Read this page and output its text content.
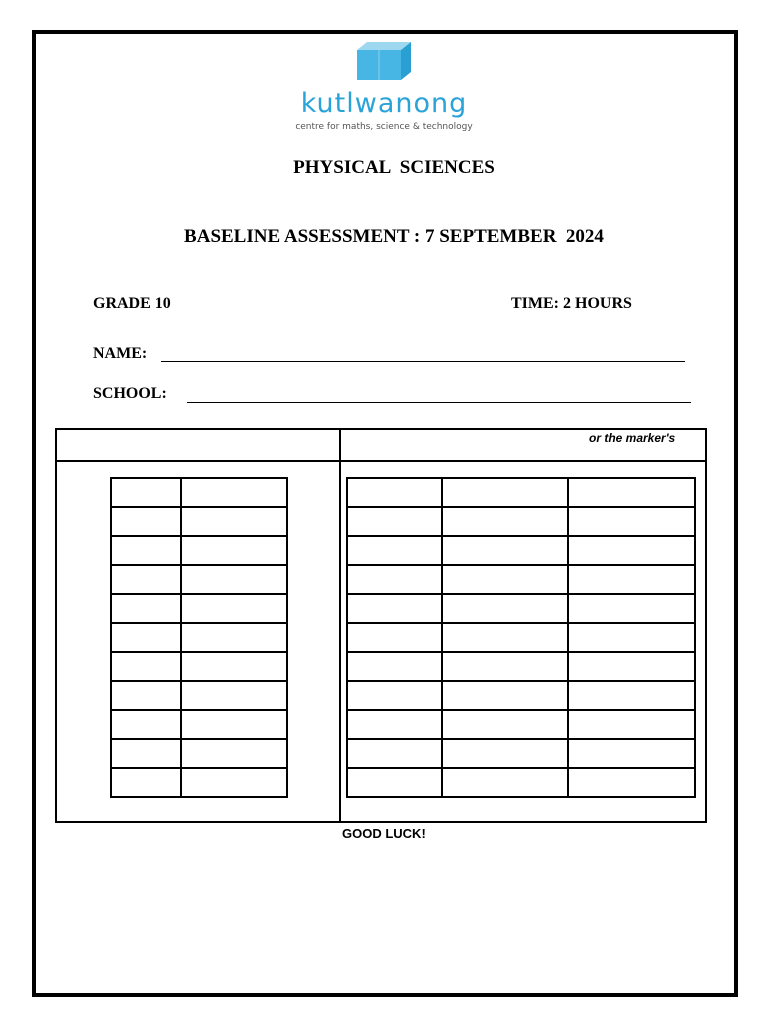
kutlwanong
centre for maths, science & technology
PHYSICAL  SCIENCES
BASELINE ASSESSMENT : 7 SEPTEMBER  2024
GRADE 10	TIME: 2 HOURS
NAME:
SCHOOL:
or the marker's

GOOD LUCK!
